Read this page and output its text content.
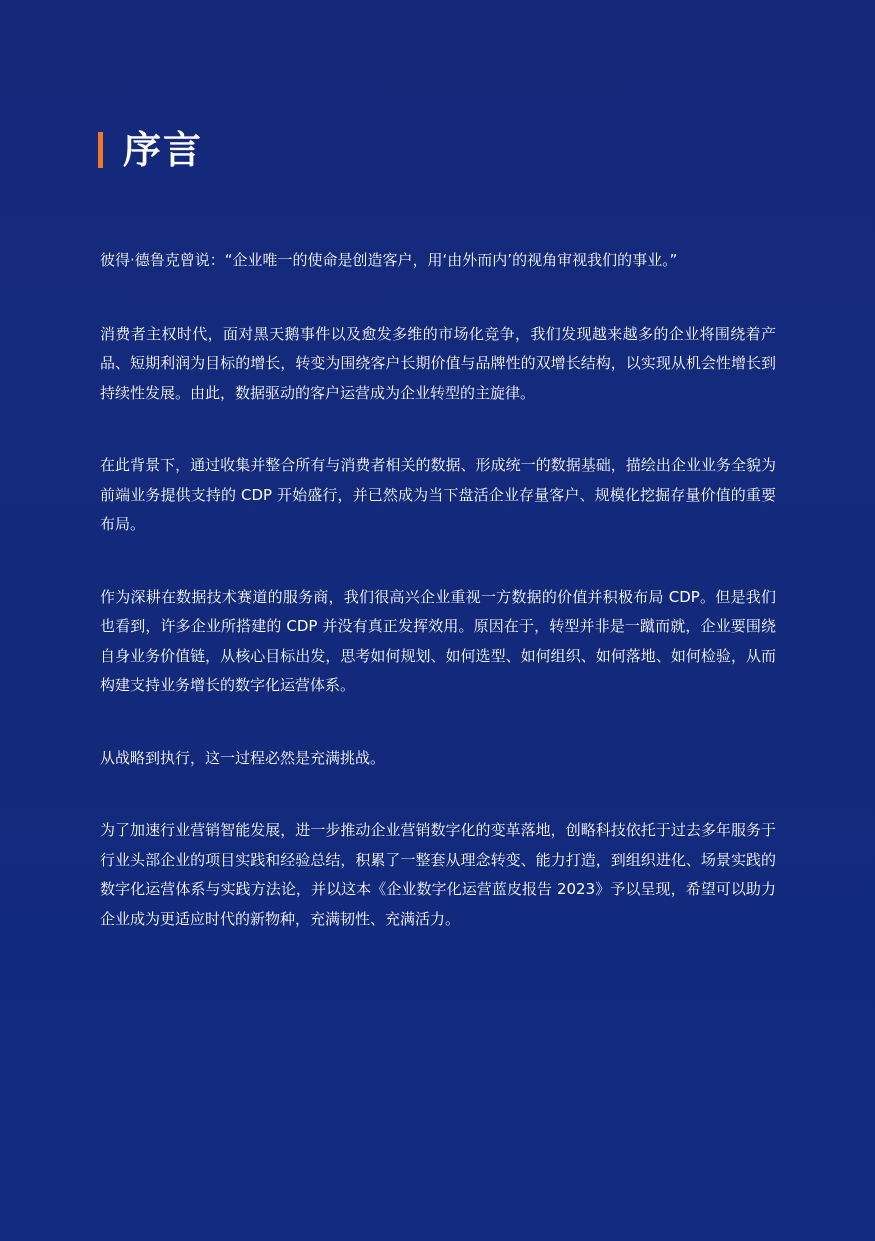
序言

彼得·德鲁克曾说：“企业唯一的使命是创造客户，用‘由外而内’的视角审视我们的事业。”

消费者主权时代，面对黑天鹅事件以及愈发多维的市场化竞争，我们发现越来越多的企业将围绕着产品、短期利润为目标的增长，转变为围绕客户长期价值与品牌性的双增长结构，以实现从机会性增长到持续性发展。由此，数据驱动的客户运营成为企业转型的主旋律。

在此背景下，通过收集并整合所有与消费者相关的数据、形成统一的数据基础，描绘出企业业务全貌为前端业务提供支持的 CDP 开始盛行，并已然成为当下盘活企业存量客户、规模化挖掘存量价值的重要布局。

作为深耕在数据技术赛道的服务商，我们很高兴企业重视一方数据的价值并积极布局 CDP。但是我们也看到，许多企业所搭建的 CDP 并没有真正发挥效用。原因在于，转型并非是一蹴而就，企业要围绕自身业务价值链，从核心目标出发，思考如何规划、如何选型、如何组织、如何落地、如何检验，从而构建支持业务增长的数字化运营体系。

从战略到执行，这一过程必然是充满挑战。

为了加速行业营销智能发展，进一步推动企业营销数字化的变革落地，创略科技依托于过去多年服务于行业头部企业的项目实践和经验总结，积累了一整套从理念转变、能力打造，到组织进化、场景实践的数字化运营体系与实践方法论，并以这本《企业数字化运营蓝皮报告 2023》予以呈现，希望可以助力企业成为更适应时代的新物种，充满韧性、充满活力。
